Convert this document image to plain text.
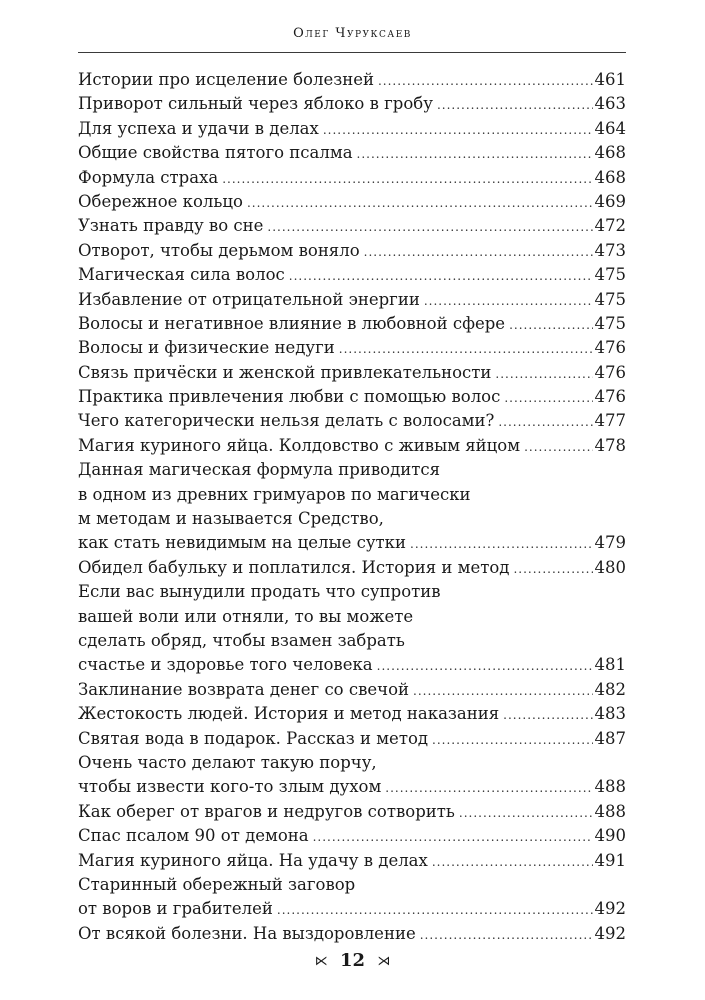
Олег Чуруксаев
Истории про исцеление болезней .....	461
Приворот сильный через яблоко в гробу .....	463
Для успеха и удачи в делах .....	464
Общие свойства пятого псалма .....	468
Формула страха .....	468
Обережное кольцо .....	469
Узнать правду во сне .....	472
Отворот, чтобы дерьмом воняло .....	473
Магическая сила волос .....	475
Избавление от отрицательной энергии .....	475
Волосы и негативное влияние в любовной сфере .....	475
Волосы и физические недуги .....	476
Связь причёски и женской привлекательности .....	476
Практика привлечения любви с помощью волос .....	476
Чего категорически нельзя делать с волосами? .....	477
Магия куриного яйца. Колдовство с живым яйцом .....	478
Данная магическая формула приводится
в одном из древних гримуаров по магически
м методам и называется Средство,
как стать невидимым на целые сутки .....	479
Обидел бабульку и поплатился. История и метод .....	480
Если вас вынудили продать что супротив
вашей воли или отняли, то вы можете
сделать обряд, чтобы взамен забрать
счастье и здоровье того человека .....	481
Заклинание возврата денег со свечой .....	482
Жестокость людей. История и метод наказания .....	483
Святая вода в подарок. Рассказ и метод .....	487
Очень часто делают такую порчу,
чтобы извести кого-то злым духом .....	488
Как оберег от врагов и недругов сотворить .....	488
Спас псалом 90 от демона .....	490
Магия куриного яйца. На удачу в делах .....	491
Старинный обережный заговор
от воров и грабителей .....	492
От всякой болезни. На выздоровление .....	492
⋉ 12 ⋊
